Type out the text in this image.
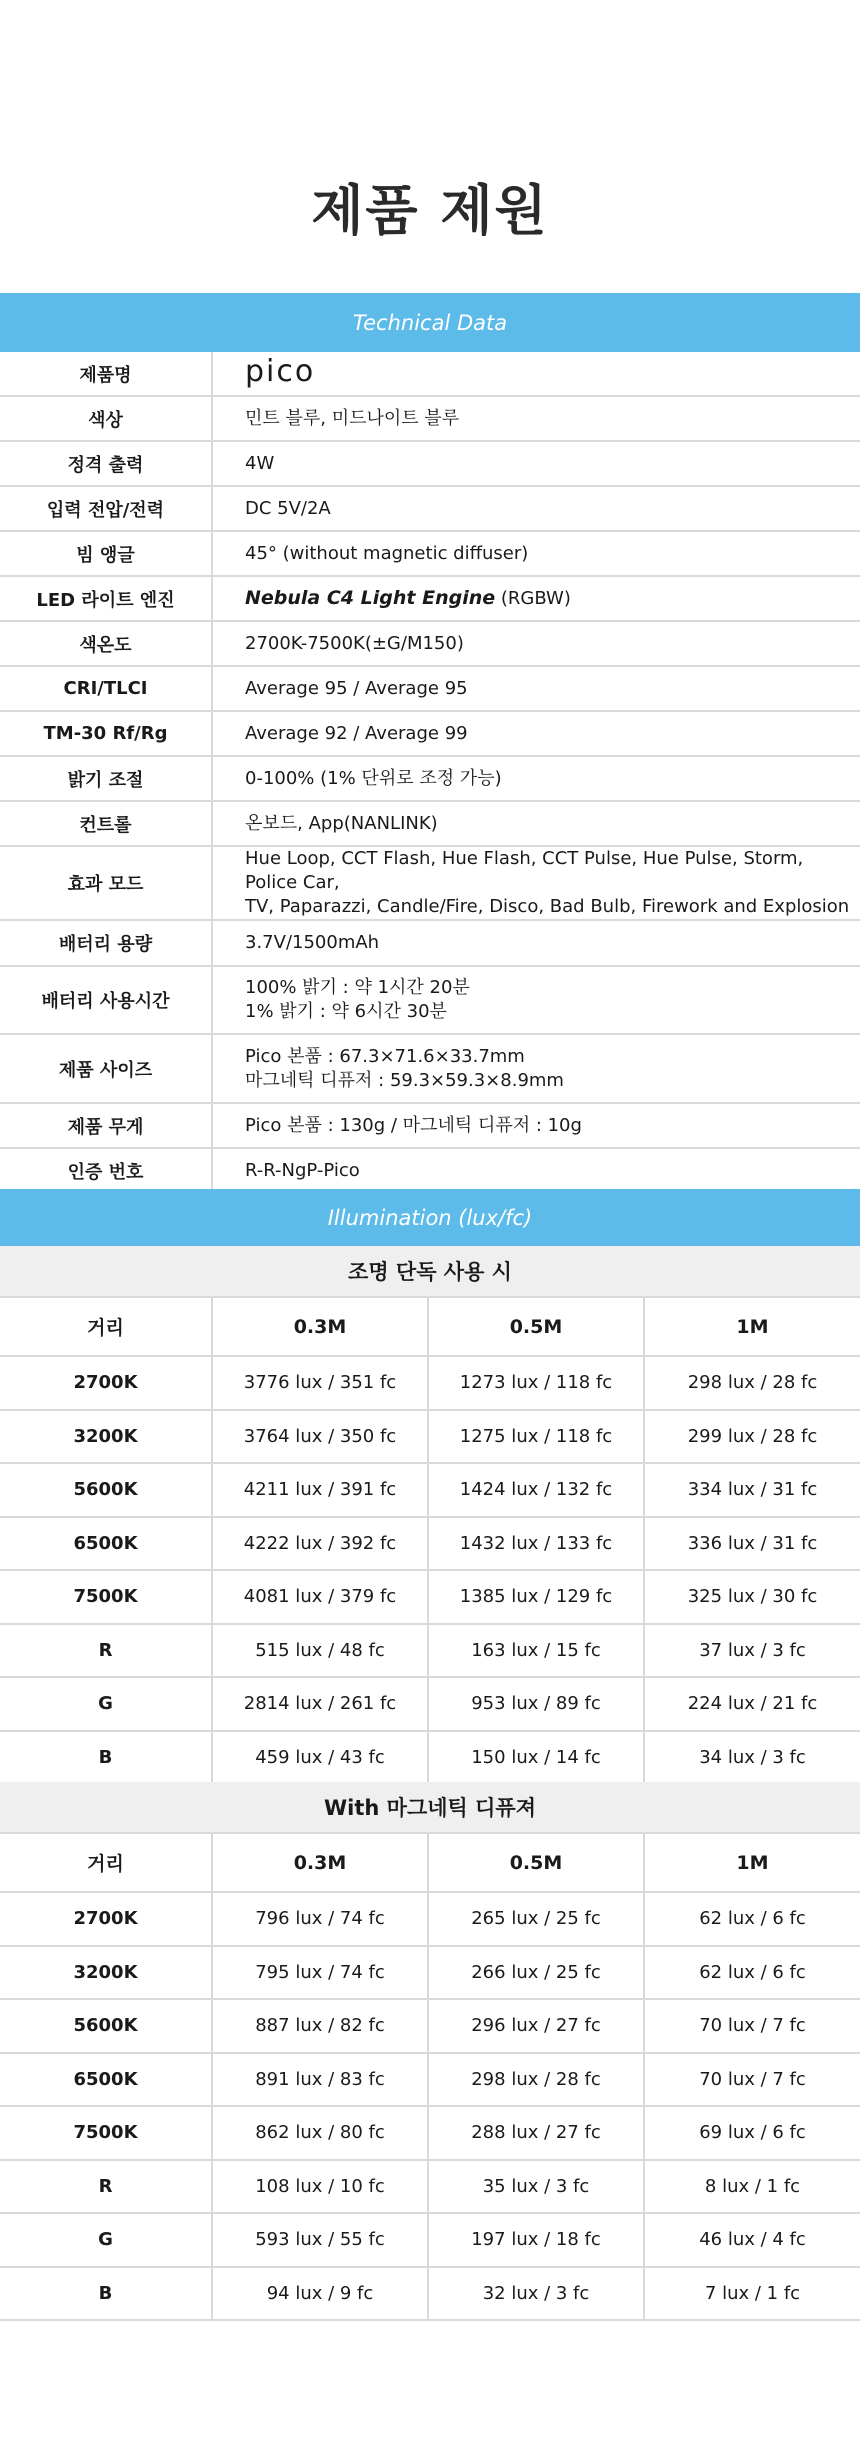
제품 제원
Technical Data
제품명	pico
색상	민트 블루, 미드나이트 블루
정격 출력	4W
입력 전압/전력	DC 5V/2A
빔 앵글	45° (without magnetic diffuser)
LED 라이트 엔진	Nebula C4 Light Engine (RGBW)
색온도	2700K-7500K(±G/M150)
CRI/TLCI	Average 95 / Average 95
TM-30 Rf/Rg	Average 92 / Average 99
밝기 조절	0-100% (1% 단위로 조정 가능)
컨트롤	온보드, App(NANLINK)
효과 모드	Hue Loop, CCT Flash, Hue Flash, CCT Pulse, Hue Pulse, Storm, Police Car,
TV, Paparazzi, Candle/Fire, Disco, Bad Bulb, Firework and Explosion

배터리 용량	3.7V/1500mAh
배터리 사용시간	100% 밝기 : 약 1시간 20분
1% 밝기 : 약 6시간 30분

제품 사이즈	Pico 본품 : 67.3×71.6×33.7mm
마그네틱 디퓨저 : 59.3×59.3×8.9mm

제품 무게	Pico 본품 : 130g / 마그네틱 디퓨저 : 10g
인증 번호	R-R-NgP-Pico
Illumination (lux/fc)
조명 단독 사용 시
거리	0.3M	0.5M	1M
2700K	3776 lux / 351 fc	1273 lux / 118 fc	298 lux / 28 fc
3200K	3764 lux / 350 fc	1275 lux / 118 fc	299 lux / 28 fc
5600K	4211 lux / 391 fc	1424 lux / 132 fc	334 lux / 31 fc
6500K	4222 lux / 392 fc	1432 lux / 133 fc	336 lux / 31 fc
7500K	4081 lux / 379 fc	1385 lux / 129 fc	325 lux / 30 fc
R	515 lux / 48 fc	163 lux / 15 fc	37 lux / 3 fc
G	2814 lux / 261 fc	953 lux / 89 fc	224 lux / 21 fc
B	459 lux / 43 fc	150 lux / 14 fc	34 lux / 3 fc
With 마그네틱 디퓨져
거리	0.3M	0.5M	1M
2700K	796 lux / 74 fc	265 lux / 25 fc	62 lux / 6 fc
3200K	795 lux / 74 fc	266 lux / 25 fc	62 lux / 6 fc
5600K	887 lux / 82 fc	296 lux / 27 fc	70 lux / 7 fc
6500K	891 lux / 83 fc	298 lux / 28 fc	70 lux / 7 fc
7500K	862 lux / 80 fc	288 lux / 27 fc	69 lux / 6 fc
R	108 lux / 10 fc	35 lux / 3 fc	8 lux / 1 fc
G	593 lux / 55 fc	197 lux / 18 fc	46 lux / 4 fc
B	94 lux / 9 fc	32 lux / 3 fc	7 lux / 1 fc
